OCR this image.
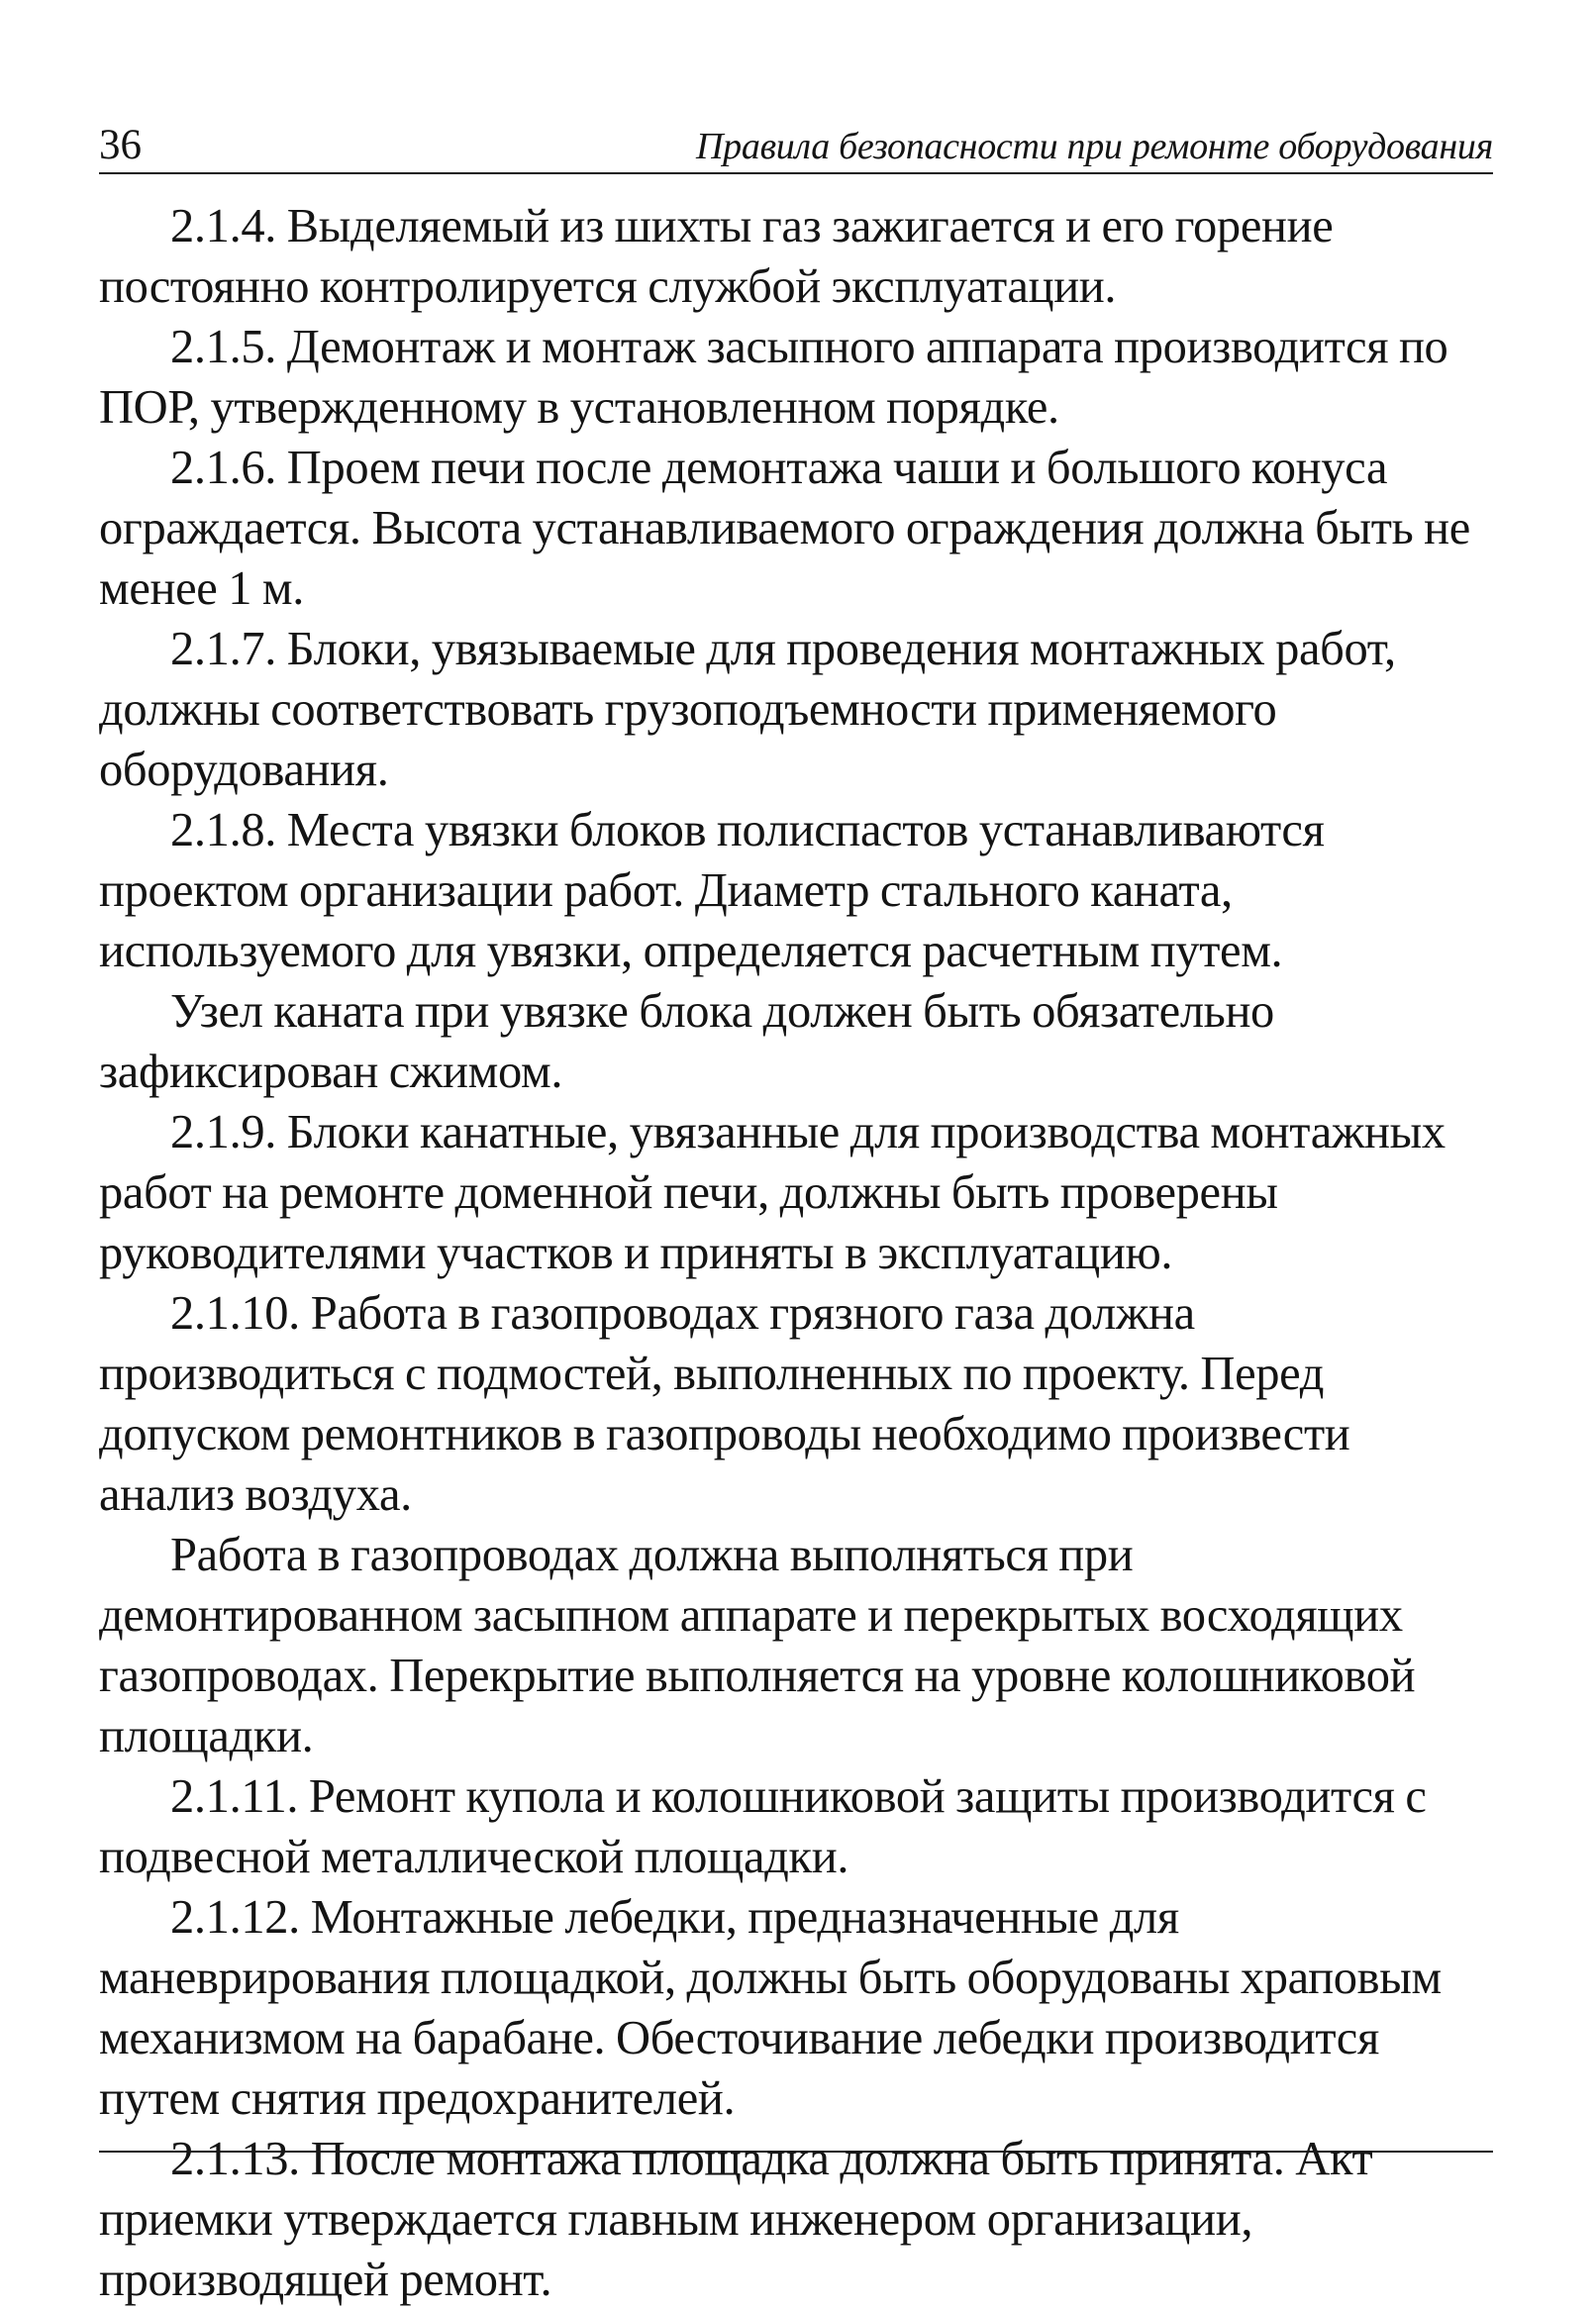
36	Правила безопасности при ремонте оборудования

2.1.4. Выделяемый из шихты газ зажигается и его горение постоянно контролируется службой эксплуатации.

2.1.5. Демонтаж и монтаж засыпного аппарата производится по ПОР, утвержденному в установленном порядке.

2.1.6. Проем печи после демонтажа чаши и большого конуса ограждается. Высота устанавливаемого ограждения должна быть не менее 1 м.

2.1.7. Блоки, увязываемые для проведения монтажных работ, должны соответствовать грузоподъемности применяемого оборудования.

2.1.8. Места увязки блоков полиспастов устанавливаются проектом организации работ. Диаметр стального каната, используемого для увязки, определяется расчетным путем.

Узел каната при увязке блока должен быть обязательно зафиксирован сжимом.

2.1.9. Блоки канатные, увязанные для производства монтажных работ на ремонте доменной печи, должны быть проверены руководителями участков и приняты в эксплуатацию.

2.1.10. Работа в газопроводах грязного газа должна производиться с подмостей, выполненных по проекту. Перед допуском ремонтников в газопроводы необходимо произвести анализ воздуха.

Работа в газопроводах должна выполняться при демонтированном засыпном аппарате и перекрытых восходящих газопроводах. Перекрытие выполняется на уровне колошниковой площадки.

2.1.11. Ремонт купола и колошниковой защиты производится с подвесной металлической площадки.

2.1.12. Монтажные лебедки, предназначенные для маневрирования площадкой, должны быть оборудованы храповым механизмом на барабане. Обесточивание лебедки производится путем снятия предохранителей.

2.1.13. После монтажа площадка должна быть принята. Акт приемки утверждается главным инженером организации, производящей ремонт.
